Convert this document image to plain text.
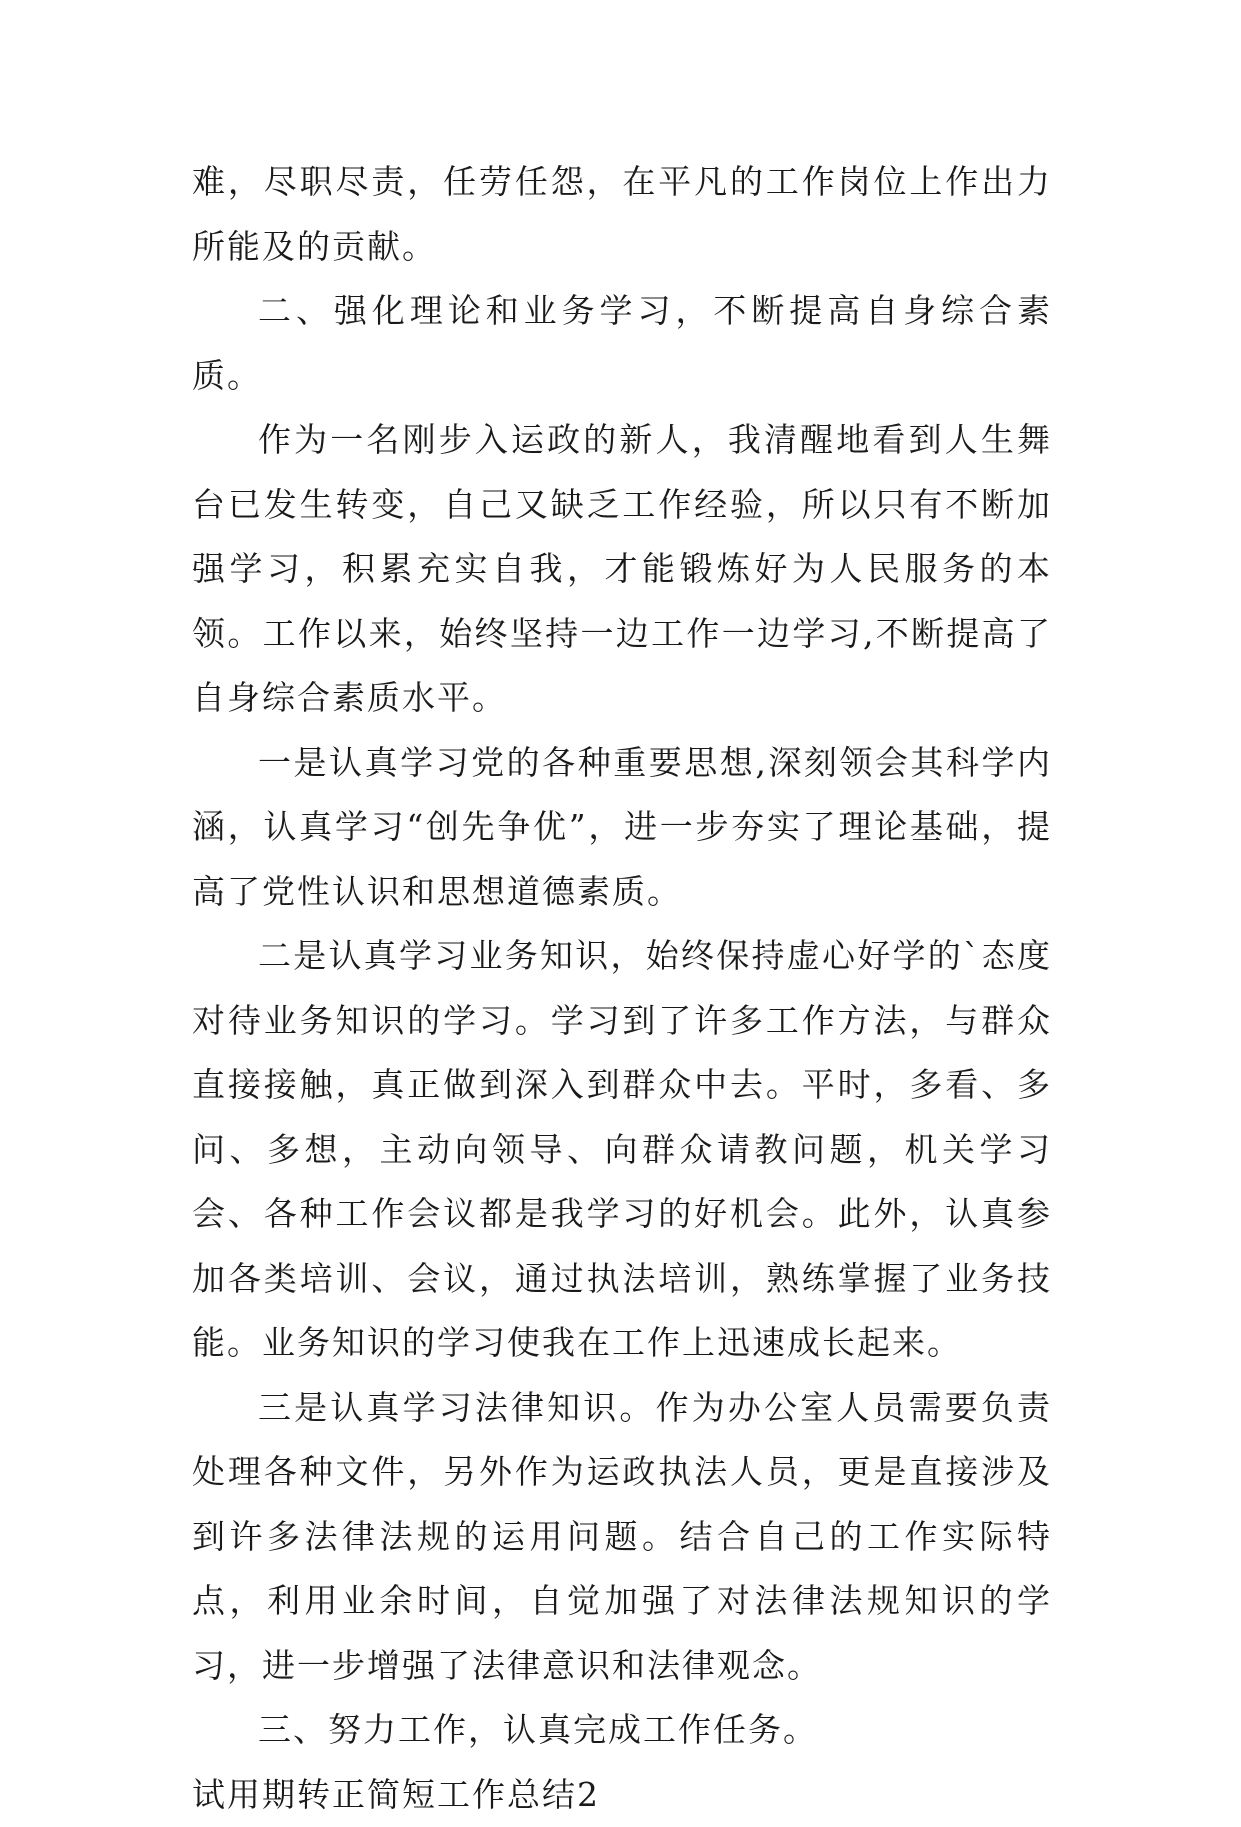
难，尽职尽责，任劳任怨，在平凡的工作岗位上作出力所能及的贡献。

二、强化理论和业务学习，不断提高自身综合素质。

作为一名刚步入运政的新人，我清醒地看到人生舞台已发生转变，自己又缺乏工作经验，所以只有不断加强学习，积累充实自我，才能锻炼好为人民服务的本领。工作以来，始终坚持一边工作一边学习,不断提高了自身综合素质水平。

一是认真学习党的各种重要思想,深刻领会其科学内涵，认真学习“创先争优”，进一步夯实了理论基础，提高了党性认识和思想道德素质。

二是认真学习业务知识，始终保持虚心好学的`态度对待业务知识的学习。学习到了许多工作方法，与群众直接接触，真正做到深入到群众中去。平时，多看、多问、多想，主动向领导、向群众请教问题，机关学习会、各种工作会议都是我学习的好机会。此外，认真参加各类培训、会议，通过执法培训，熟练掌握了业务技能。业务知识的学习使我在工作上迅速成长起来。

三是认真学习法律知识。作为办公室人员需要负责处理各种文件，另外作为运政执法人员，更是直接涉及到许多法律法规的运用问题。结合自己的工作实际特点，利用业余时间，自觉加强了对法律法规知识的学习，进一步增强了法律意识和法律观念。

三、努力工作，认真完成工作任务。

试用期转正简短工作总结2
